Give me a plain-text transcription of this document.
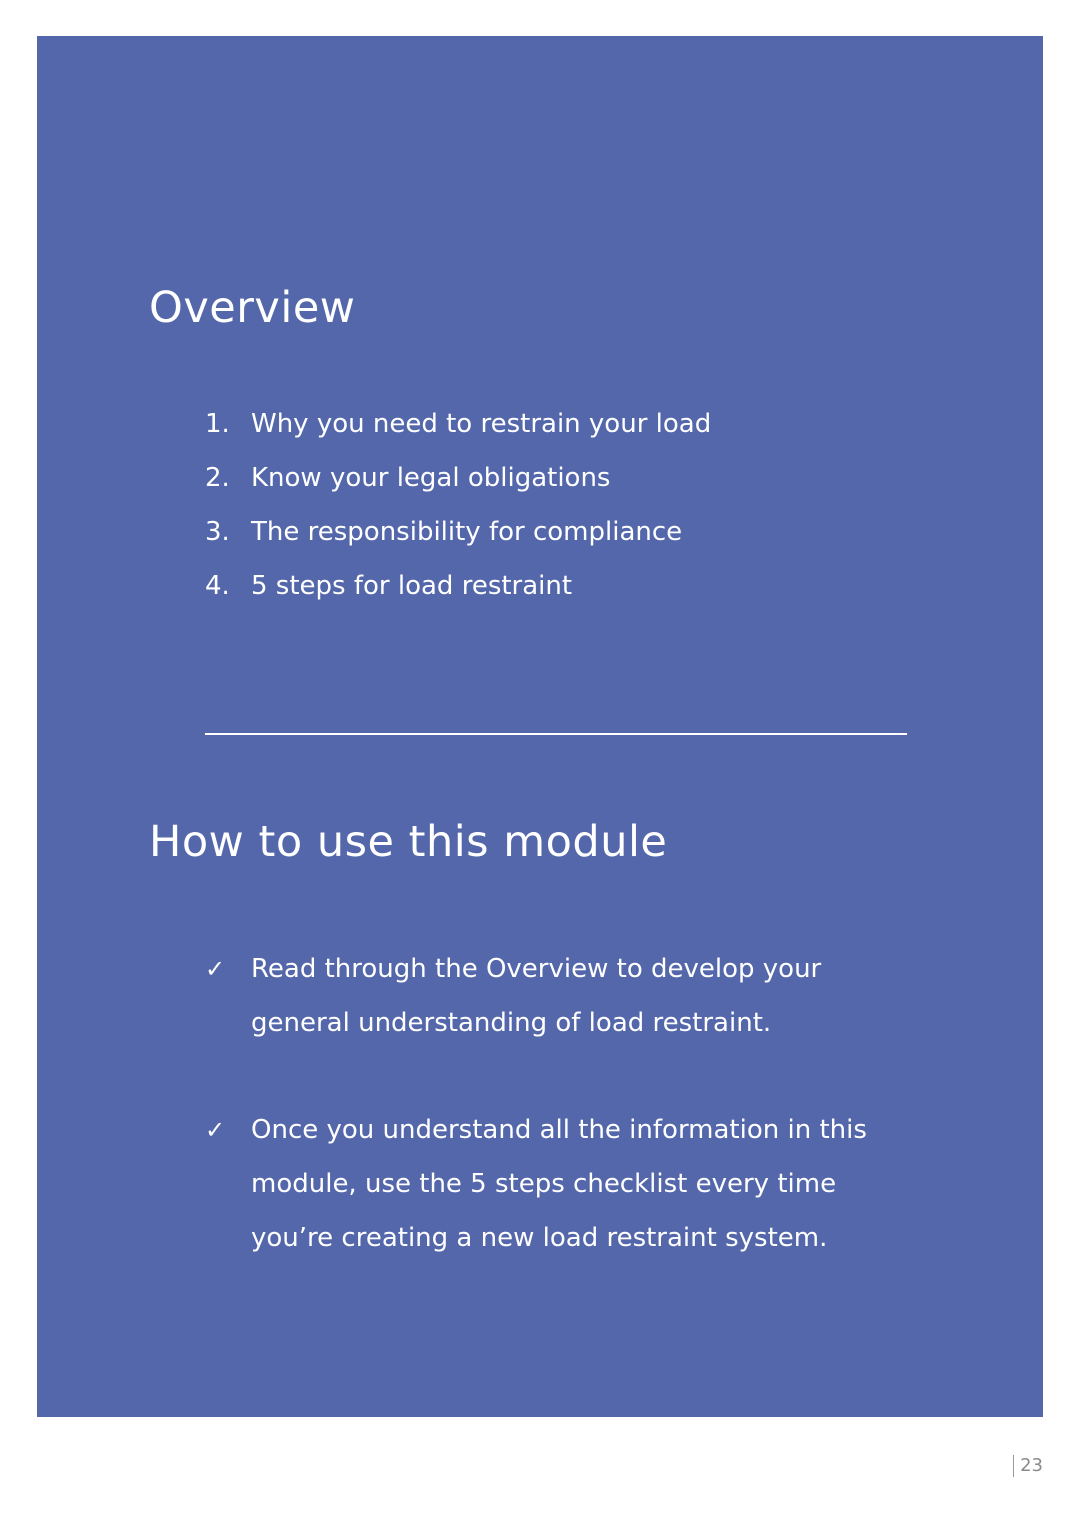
Overview
1. Why you need to restrain your load
2. Know your legal obligations
3. The responsibility for compliance
4. 5 steps for load restraint
How to use this module
✓ Read through the Overview to develop your general understanding of load restraint.
✓ Once you understand all the information in this module, use the 5 steps checklist every time you’re creating a new load restraint system.
23
